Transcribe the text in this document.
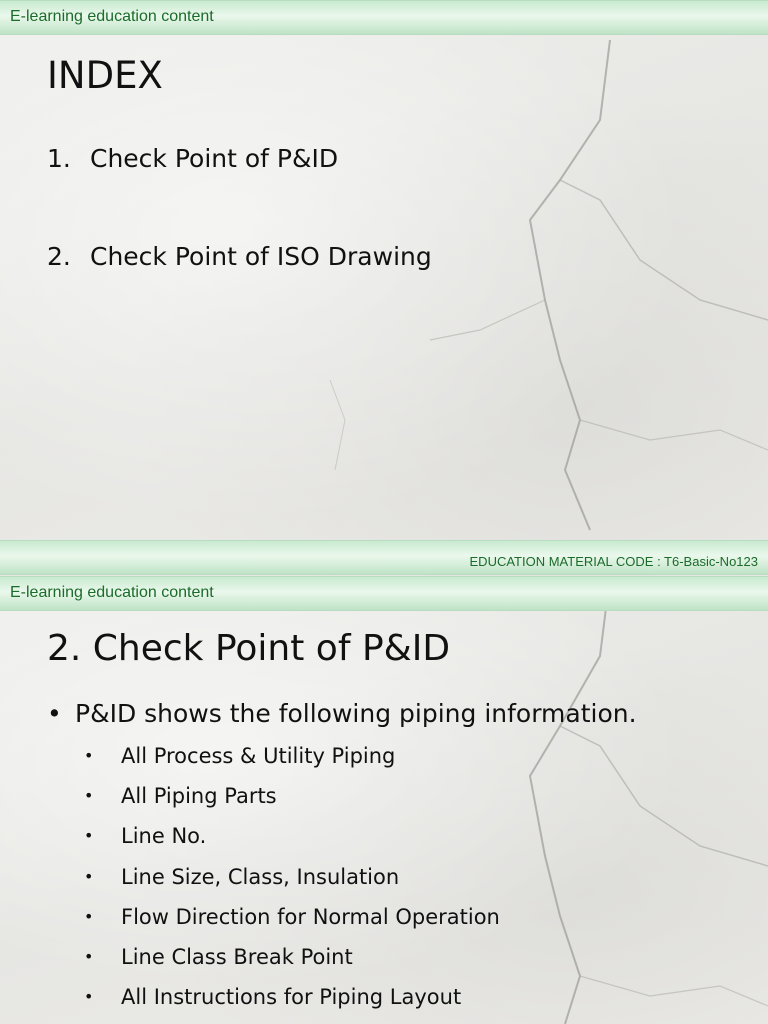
E-learning education content
INDEX
1. Check Point of P&ID
2. Check Point of ISO Drawing
EDUCATION MATERIAL CODE : T6-Basic-No123
E-learning education content
2. Check Point of P&ID
• P&ID shows the following piping information.
•	All Process & Utility Piping
•	All Piping Parts
•	Line No.
•	Line Size, Class, Insulation
•	Flow Direction for Normal Operation
•	Line Class Break Point
•	All Instructions for Piping Layout
